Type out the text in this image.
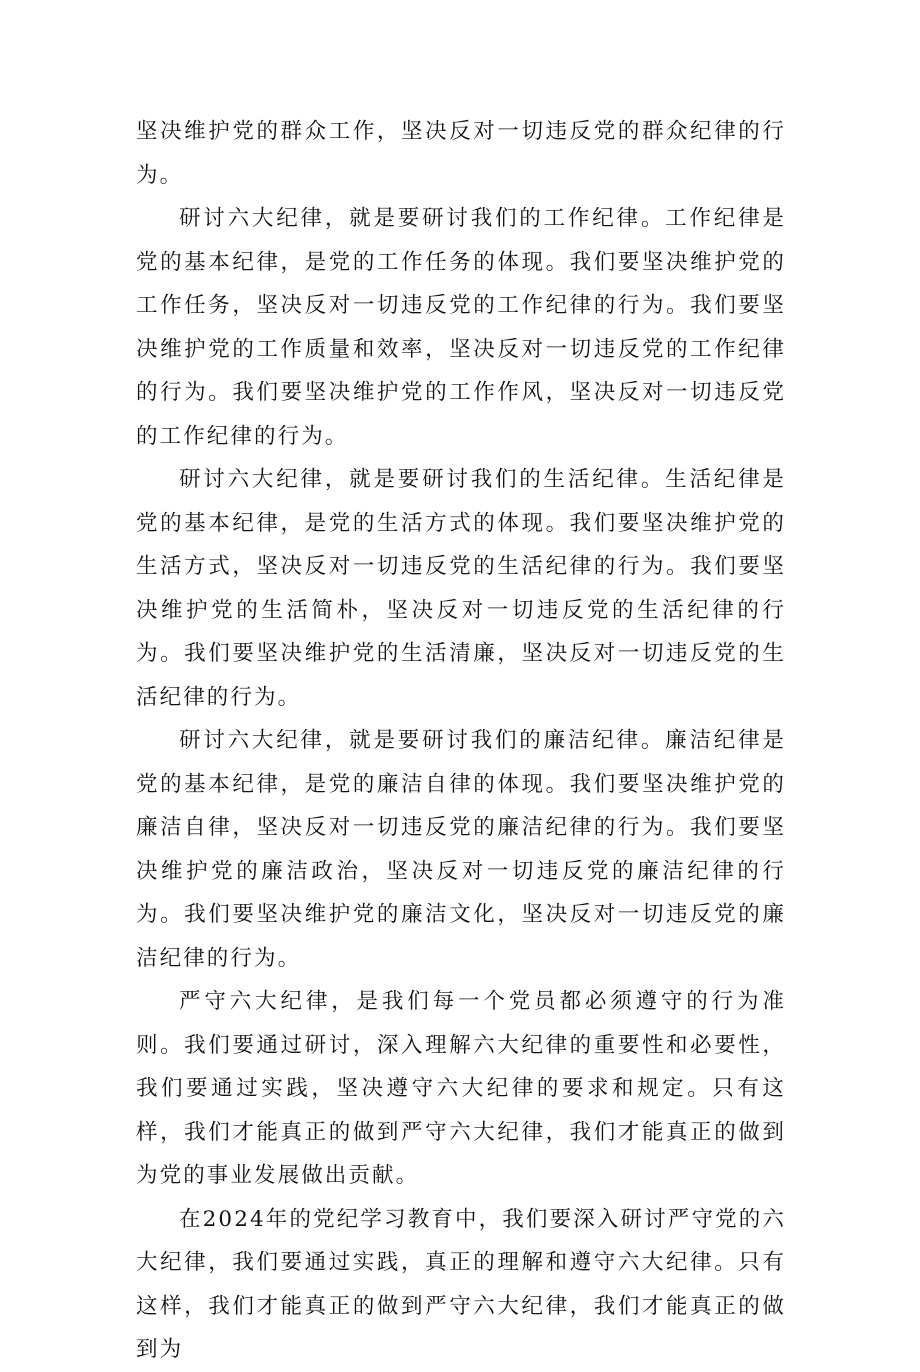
坚决维护党的群众工作，坚决反对一切违反党的群众纪律的行为。

研讨六大纪律，就是要研讨我们的工作纪律。工作纪律是党的基本纪律，是党的工作任务的体现。我们要坚决维护党的工作任务，坚决反对一切违反党的工作纪律的行为。我们要坚决维护党的工作质量和效率，坚决反对一切违反党的工作纪律的行为。我们要坚决维护党的工作作风，坚决反对一切违反党的工作纪律的行为。

研讨六大纪律，就是要研讨我们的生活纪律。生活纪律是党的基本纪律，是党的生活方式的体现。我们要坚决维护党的生活方式，坚决反对一切违反党的生活纪律的行为。我们要坚决维护党的生活简朴，坚决反对一切违反党的生活纪律的行为。我们要坚决维护党的生活清廉，坚决反对一切违反党的生活纪律的行为。

研讨六大纪律，就是要研讨我们的廉洁纪律。廉洁纪律是党的基本纪律，是党的廉洁自律的体现。我们要坚决维护党的廉洁自律，坚决反对一切违反党的廉洁纪律的行为。我们要坚决维护党的廉洁政治，坚决反对一切违反党的廉洁纪律的行为。我们要坚决维护党的廉洁文化，坚决反对一切违反党的廉洁纪律的行为。

严守六大纪律，是我们每一个党员都必须遵守的行为准则。我们要通过研讨，深入理解六大纪律的重要性和必要性，我们要通过实践，坚决遵守六大纪律的要求和规定。只有这样，我们才能真正的做到严守六大纪律，我们才能真正的做到为党的事业发展做出贡献。

在2024年的党纪学习教育中，我们要深入研讨严守党的六大纪律，我们要通过实践，真正的理解和遵守六大纪律。只有这样，我们才能真正的做到严守六大纪律，我们才能真正的做到为
